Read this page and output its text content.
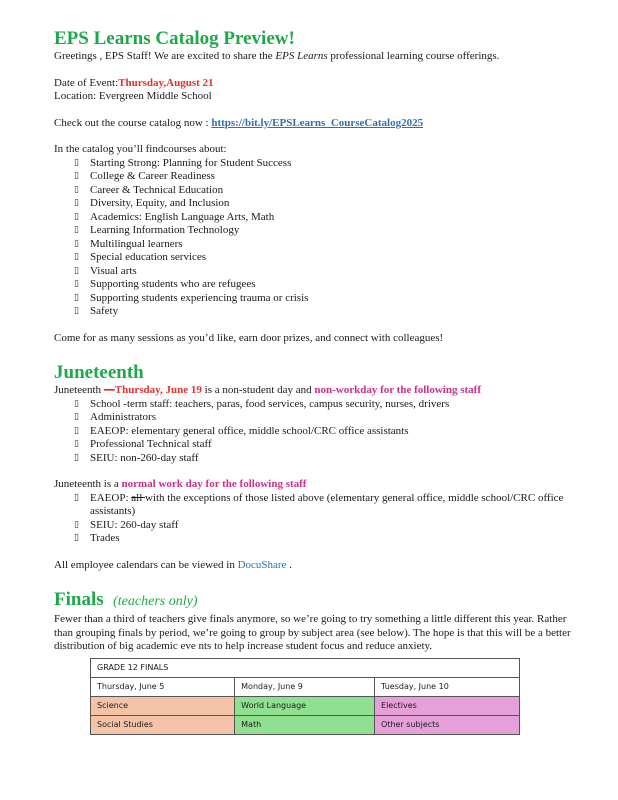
EPS Learns Catalog Preview!

Greetings , EPS Staff! We are excited to share the EPS Learns professional learning course offerings.

Date of Event:Thursday,August 21

Location: Evergreen Middle School

Check out the course catalog now : https://bit.ly/EPSLearns_CourseCatalog2025

In the catalog you’ll findcourses about:

▯ Starting Strong: Planning for Student Success
▯ College & Career Readiness
▯ Career & Technical Education
▯ Diversity, Equity, and Inclusion
▯ Academics: English Language Arts, Math
▯ Learning Information Technology
▯ Multilingual learners
▯ Special education services
▯ Visual arts
▯ Supporting students who are refugees
▯ Supporting students experiencing trauma or crisis
▯ Safety

Come for as many sessions as you’d like, earn door prizes, and connect with colleagues!

Juneteenth

Juneteenth —Thursday, June 19 is a non-student day and non-workday for the following staff

▯ School -term staff: teachers, paras, food services, campus security, nurses, drivers
▯ Administrators
▯ EAEOP: elementary general office, middle school/CRC office assistants
▯ Professional Technical staff
▯ SEIU: non-260-day staff

Juneteenth is a normal work day for the following staff

▯ EAEOP: all with the exceptions of those listed above (elementary general office, middle school/CRC office assistants)
▯ SEIU: 260-day staff
▯ Trades

All employee calendars can be viewed in DocuShare .

Finals (teachers only)

Fewer than a third of teachers give finals anymore, so we’re going to try something a little different this year. Rather than grouping finals by period, we’re going to group by subject area (see below). The hope is that this will be a better distribution of big academic eve nts to help increase student focus and reduce anxiety.

GRADE 12 FINALS		
Thursday, June 5	Monday, June 9	Tuesday, June 10
Science	World Language	Electives
Social Studies	Math	Other subjects
